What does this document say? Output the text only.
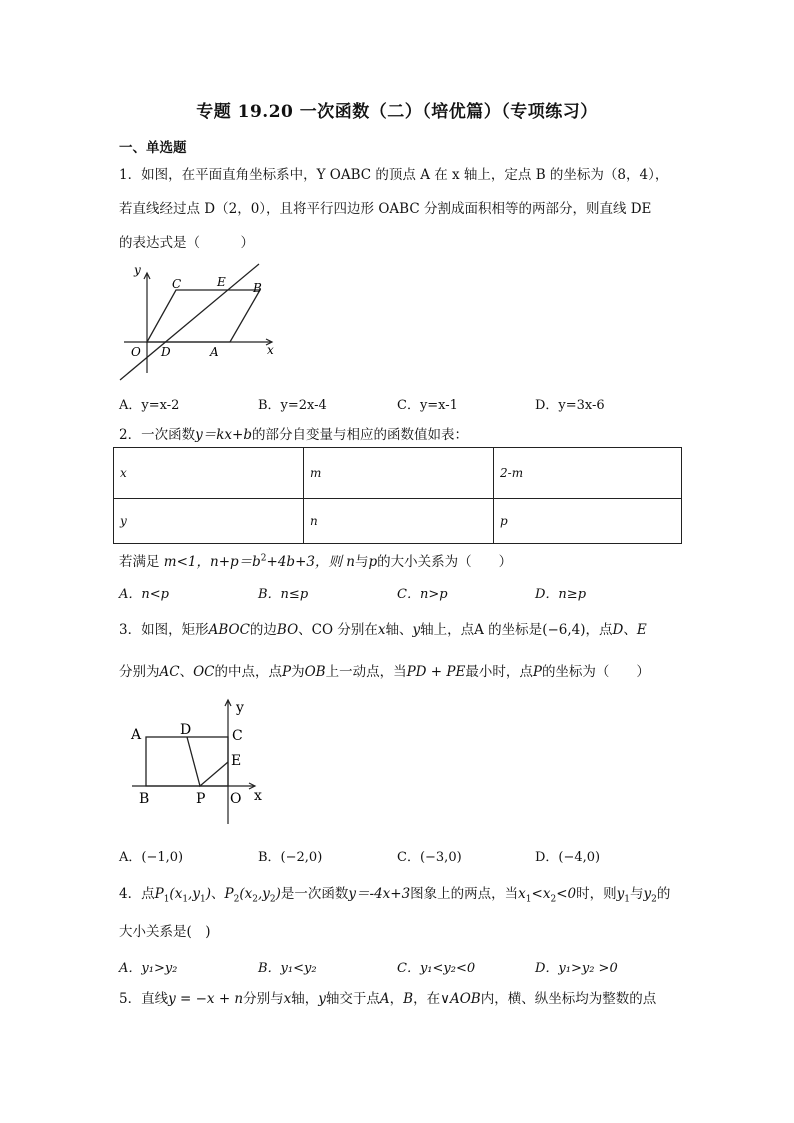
专题 19.20 一次函数（二）（培优篇）（专项练习）
一、单选题
1．如图，在平面直角坐标系中，Y OABC 的顶点 A 在 x 轴上，定点 B 的坐标为（8，4），
若直线经过点 D（2，0），且将平行四边形 OABC 分割成面积相等的两部分，则直线 DE
的表达式是（　　　）
y
x
O D	A
C	E B
A．y=x-2	B．y=2x-4	C．y=x-1	D．y=3x-6
2．一次函数y＝kx+b的部分自变量与相应的函数值如表：
x	m	2-m
y	n	p
若满足 m<1，$n+p=b^2+4b+3$，则 n与p的大小关系为（　　）
A．n<p	B．n≤p	C．n>p	D．n≥p
3．如图，矩形ABOC的边BO、CO 分别在x轴、y轴上，点A 的坐标是(−6,4)，点D、E
分别为AC、OC的中点，点P为OB上一动点，当PD + PE最小时，点P的坐标为（　　）
A	D
y
C
E
B	P O x
A．(−1,0)	B．(−2,0)	C．(−3,0)	D．(−4,0)
4．点$P_1(x_1,y_1)$、$P_2(x_2,y_2)$是一次函数y＝-4x+3图象上的两点，当$x_1<x_2<0$时，则$y_1$与$y_2$的
大小关系是(　)
A．y₁>y₂	B．y₁<y₂	C．y₁<y₂<0	D．y₁>y₂ >0
5．直线y = −x + n分别与x轴，y轴交于点A，B，在∨AOB内，横、纵坐标均为整数的点
